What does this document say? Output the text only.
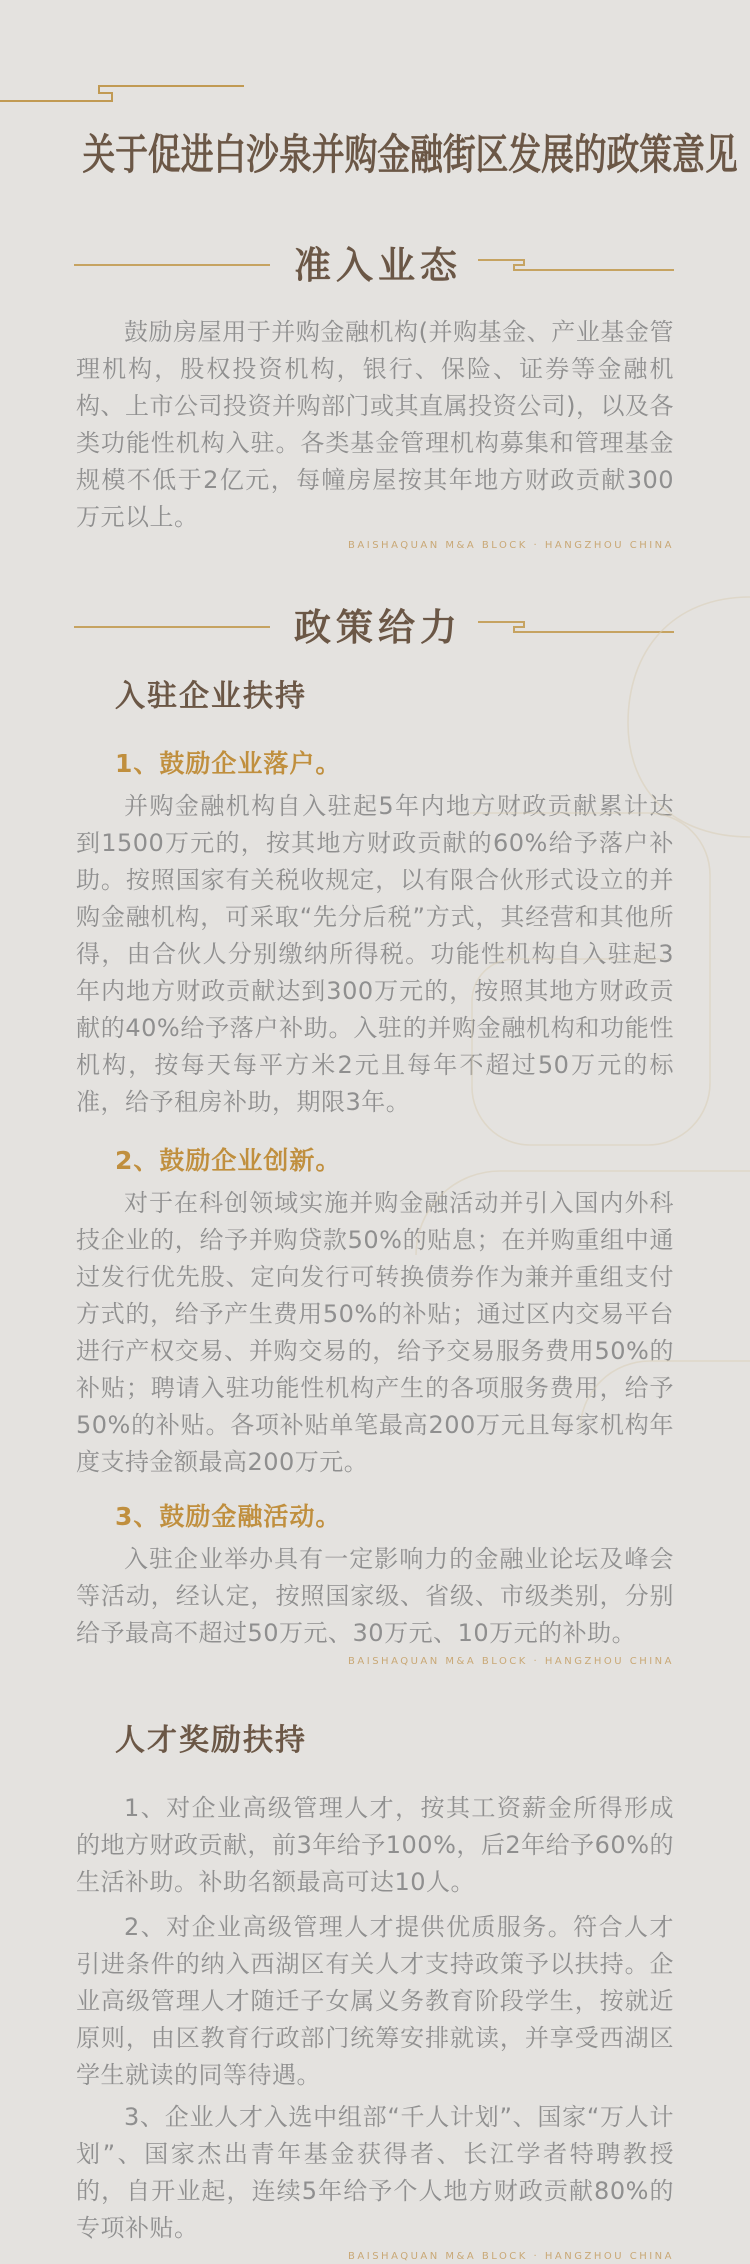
关于促进白沙泉并购金融街区发展的政策意见
准入业态

鼓励房屋用于并购金融机构(并购基金、产业基金管理机构，股权投资机构，银行、保险、证券等金融机构、上市公司投资并购部门或其直属投资公司)，以及各类功能性机构入驻。各类基金管理机构募集和管理基金规模不低于2亿元，每幢房屋按其年地方财政贡献300万元以上。

BAISHAQUAN M&A BLOCK · HANGZHOU CHINA
政策给力
入驻企业扶持
1、鼓励企业落户。

并购金融机构自入驻起5年内地方财政贡献累计达到1500万元的，按其地方财政贡献的60%给予落户补助。按照国家有关税收规定，以有限合伙形式设立的并购金融机构，可采取“先分后税”方式，其经营和其他所得，由合伙人分别缴纳所得税。功能性机构自入驻起3年内地方财政贡献达到300万元的，按照其地方财政贡献的40%给予落户补助。入驻的并购金融机构和功能性机构，按每天每平方米2元且每年不超过50万元的标准，给予租房补助，期限3年。

2、鼓励企业创新。

对于在科创领域实施并购金融活动并引入国内外科技企业的，给予并购贷款50%的贴息；在并购重组中通过发行优先股、定向发行可转换债券作为兼并重组支付方式的，给予产生费用50%的补贴；通过区内交易平台进行产权交易、并购交易的，给予交易服务费用50%的补贴；聘请入驻功能性机构产生的各项服务费用，给予50%的补贴。各项补贴单笔最高200万元且每家机构年度支持金额最高200万元。

3、鼓励金融活动。

入驻企业举办具有一定影响力的金融业论坛及峰会等活动，经认定，按照国家级、省级、市级类别，分别给予最高不超过50万元、30万元、10万元的补助。

BAISHAQUAN M&A BLOCK · HANGZHOU CHINA
人才奖励扶持

1、对企业高级管理人才，按其工资薪金所得形成的地方财政贡献，前3年给予100%，后2年给予60%的生活补助。补助名额最高可达10人。

2、对企业高级管理人才提供优质服务。符合人才引进条件的纳入西湖区有关人才支持政策予以扶持。企业高级管理人才随迁子女属义务教育阶段学生，按就近原则，由区教育行政部门统筹安排就读，并享受西湖区学生就读的同等待遇。

3、企业人才入选中组部“千人计划”、国家“万人计划”、国家杰出青年基金获得者、长江学者特聘教授的，自开业起，连续5年给予个人地方财政贡献80%的专项补贴。

BAISHAQUAN M&A BLOCK · HANGZHOU CHINA
